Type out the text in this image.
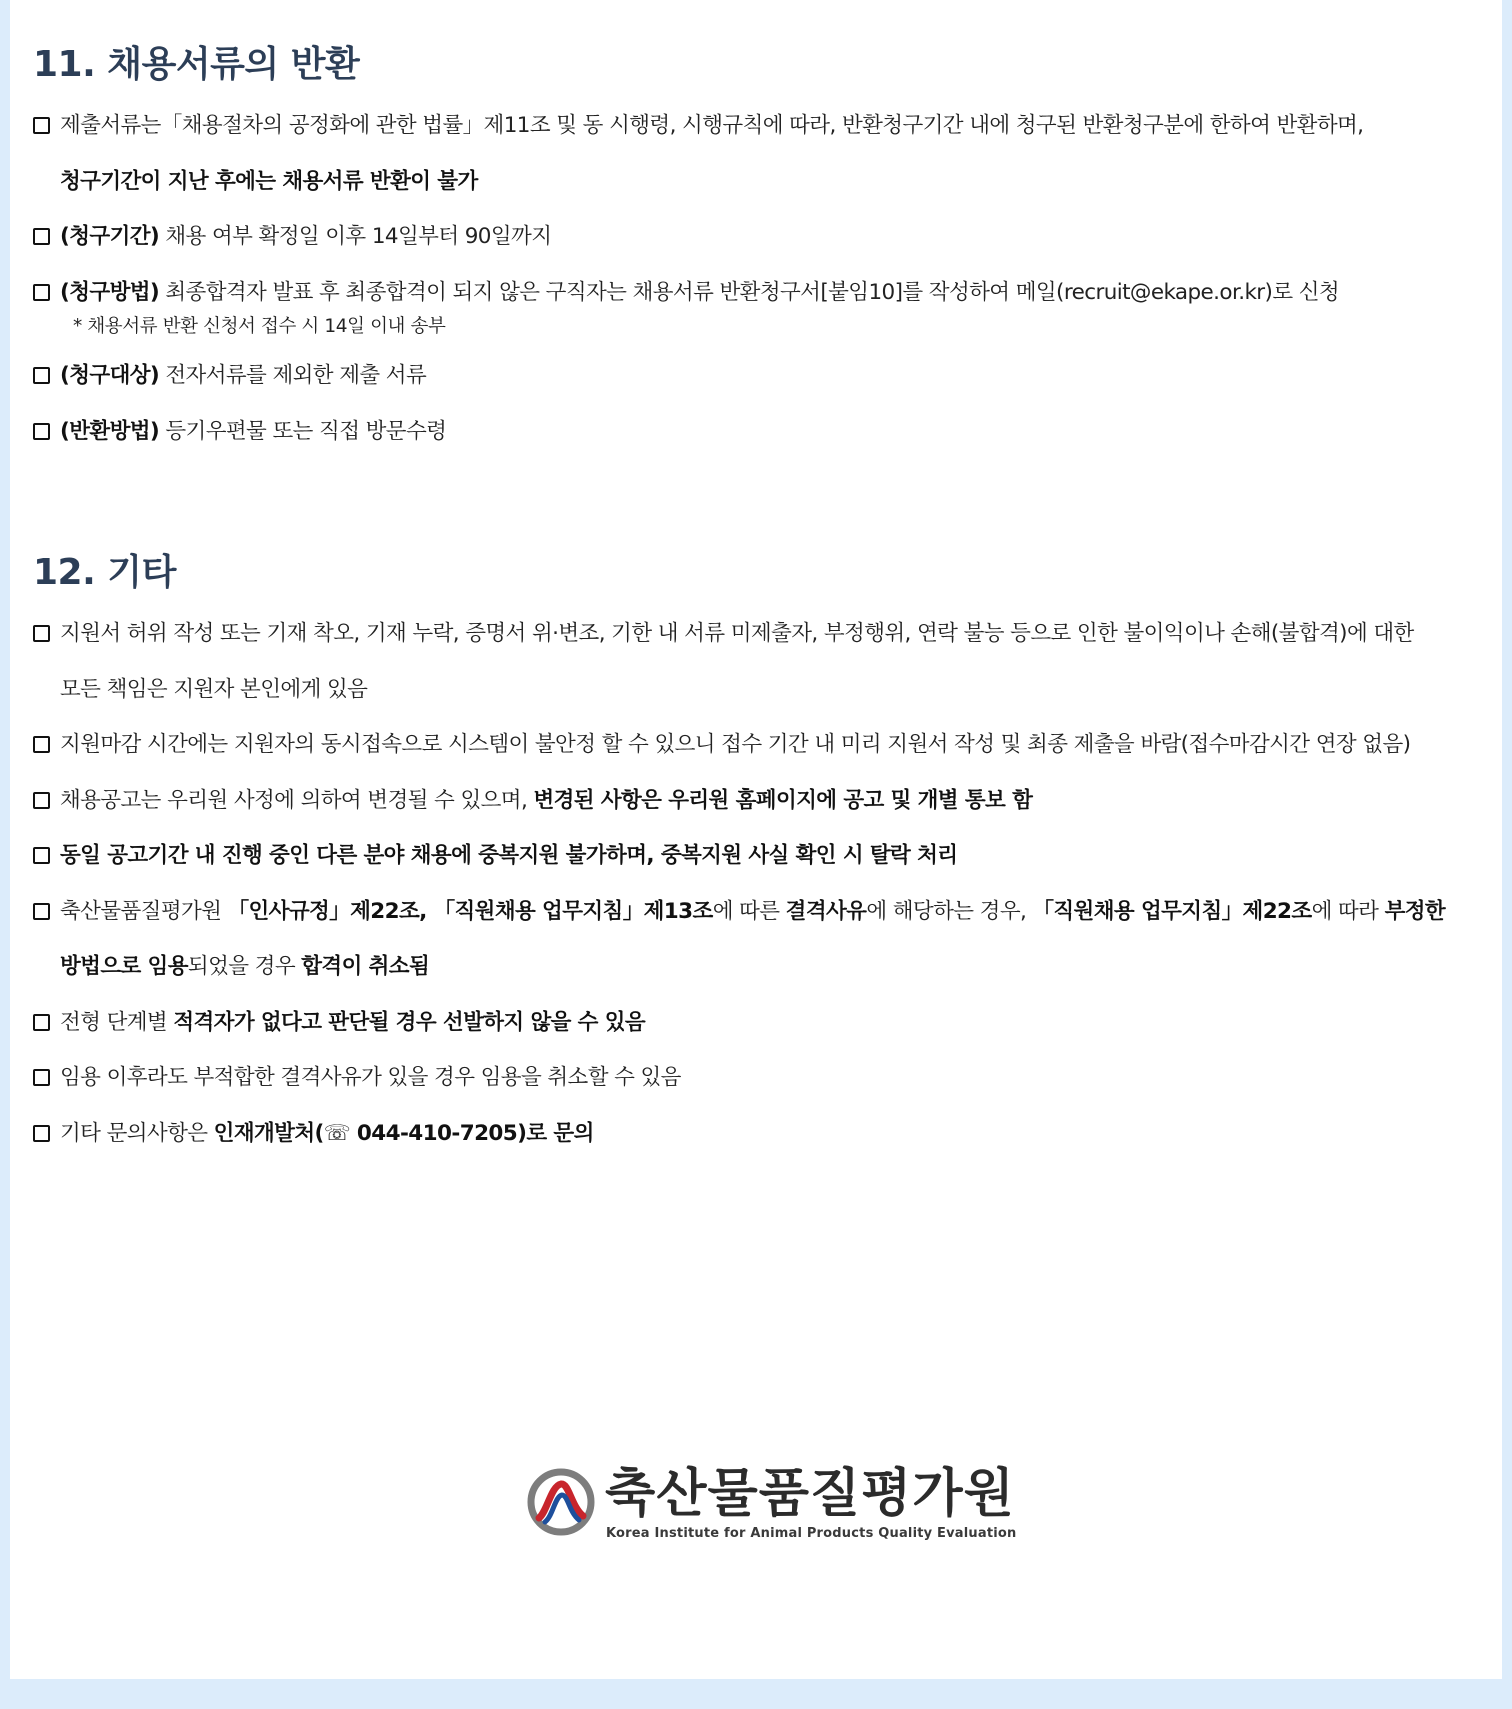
11. 채용서류의 반환
제출서류는「채용절차의 공정화에 관한 법률」제11조 및 동 시행령, 시행규칙에 따라, 반환청구기간 내에 청구된 반환청구분에 한하여 반환하며,
청구기간이 지난 후에는 채용서류 반환이 불가
(청구기간) 채용 여부 확정일 이후 14일부터 90일까지
(청구방법) 최종합격자 발표 후 최종합격이 되지 않은 구직자는 채용서류 반환청구서[붙임10]를 작성하여 메일(recruit@ekape.or.kr)로 신청
* 채용서류 반환 신청서 접수 시 14일 이내 송부
(청구대상) 전자서류를 제외한 제출 서류
(반환방법) 등기우편물 또는 직접 방문수령
12. 기타
지원서 허위 작성 또는 기재 착오, 기재 누락, 증명서 위·변조, 기한 내 서류 미제출자, 부정행위, 연락 불능 등으로 인한 불이익이나 손해(불합격)에 대한
모든 책임은 지원자 본인에게 있음
지원마감 시간에는 지원자의 동시접속으로 시스템이 불안정 할 수 있으니 접수 기간 내 미리 지원서 작성 및 최종 제출을 바람(접수마감시간 연장 없음)
채용공고는 우리원 사정에 의하여 변경될 수 있으며, 변경된 사항은 우리원 홈페이지에 공고 및 개별 통보 함
동일 공고기간 내 진행 중인 다른 분야 채용에 중복지원 불가하며, 중복지원 사실 확인 시 탈락 처리
축산물품질평가원 「인사규정」제22조, 「직원채용 업무지침」제13조에 따른 결격사유에 해당하는 경우, 「직원채용 업무지침」제22조에 따라 부정한
방법으로 임용되었을 경우 합격이 취소됨
전형 단계별 적격자가 없다고 판단될 경우 선발하지 않을 수 있음
임용 이후라도 부적합한 결격사유가 있을 경우 임용을 취소할 수 있음
기타 문의사항은 인재개발처(☏ 044-410-7205)로 문의
축산물품질평가원
Korea Institute for Animal Products Quality Evaluation
